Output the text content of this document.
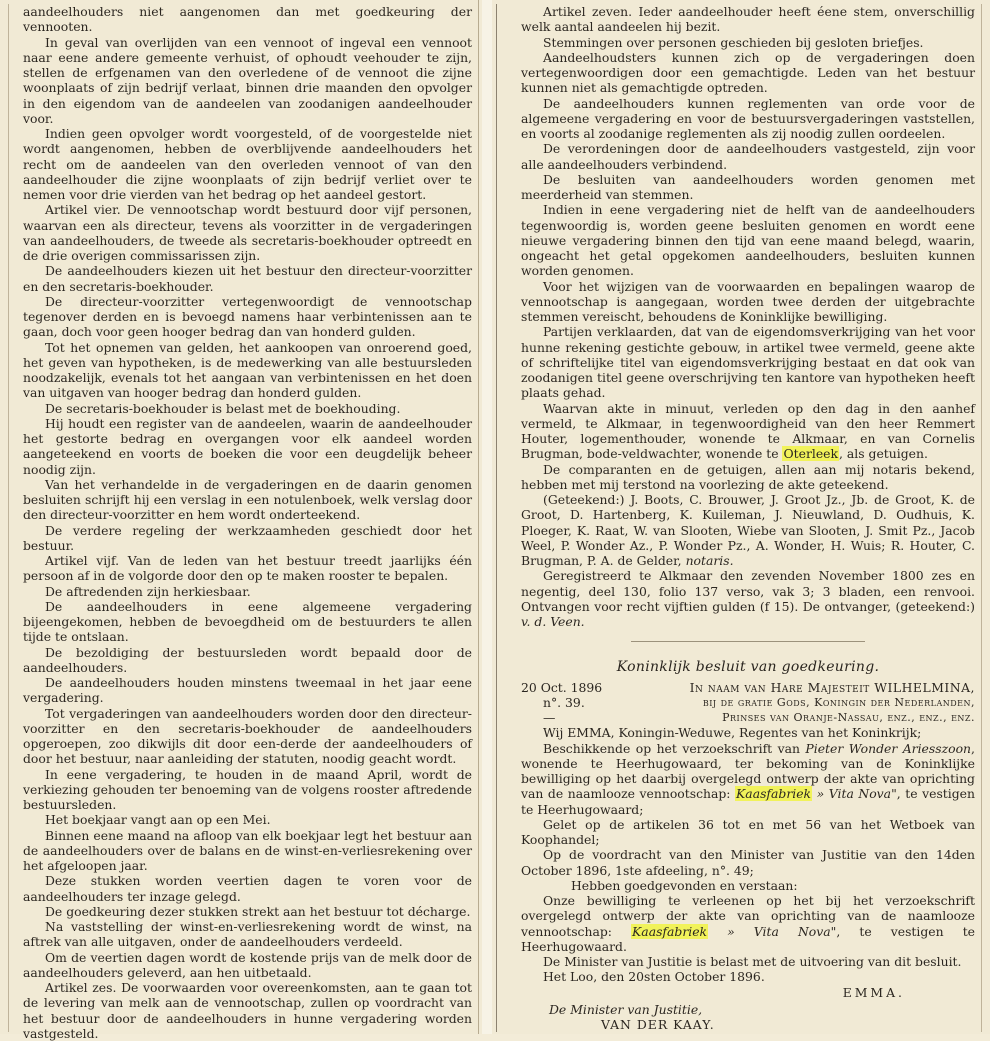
aandeelhouders niet aangenomen dan met goedkeuring der vennooten.

In geval van overlijden van een vennoot of ingeval een vennoot naar eene andere gemeente verhuist, of ophoudt veehouder te zijn, stellen de erfgenamen van den overledene of de vennoot die zijne woonplaats of zijn bedrijf verlaat, binnen drie maanden den opvolger in den eigendom van de aandeelen van zoodanigen aandeelhouder voor.

Indien geen opvolger wordt voorgesteld, of de voorgestelde niet wordt aangenomen, hebben de overblijvende aandeelhouders het recht om de aandeelen van den overleden vennoot of van den aandeelhouder die zijne woonplaats of zijn bedrijf verliet over te nemen voor drie vierden van het bedrag op het aandeel gestort.

Artikel vier. De vennootschap wordt bestuurd door vijf personen, waarvan een als directeur, tevens als voorzitter in de vergaderingen van aandeelhouders, de tweede als secretaris-boekhouder optreedt en de drie overigen commissarissen zijn.

De aandeelhouders kiezen uit het bestuur den directeur-voorzitter en den secretaris-boekhouder.

De directeur-voorzitter vertegenwoordigt de vennootschap tegenover derden en is bevoegd namens haar verbintenissen aan te gaan, doch voor geen hooger bedrag dan van honderd gulden.

Tot het opnemen van gelden, het aankoopen van onroerend goed, het geven van hypotheken, is de medewerking van alle bestuursleden noodzakelijk, evenals tot het aangaan van verbintenissen en het doen van uitgaven van hooger bedrag dan honderd gulden.

De secretaris-boekhouder is belast met de boekhouding.

Hij houdt een register van de aandeelen, waarin de aandeelhouder het gestorte bedrag en overgangen voor elk aandeel worden aangeteekend en voorts de boeken die voor een deugdelijk beheer noodig zijn.

Van het verhandelde in de vergaderingen en de daarin genomen besluiten schrijft hij een verslag in een notulenboek, welk verslag door den directeur-voorzitter en hem wordt onderteekend.

De verdere regeling der werkzaamheden geschiedt door het bestuur.

Artikel vijf. Van de leden van het bestuur treedt jaarlijks één persoon af in de volgorde door den op te maken rooster te bepalen.

De aftredenden zijn herkiesbaar.

De aandeelhouders in eene algemeene vergadering bijeengekomen, hebben de bevoegdheid om de bestuurders te allen tijde te ontslaan.

De bezoldiging der bestuursleden wordt bepaald door de aandeelhouders.

De aandeelhouders houden minstens tweemaal in het jaar eene vergadering.

Tot vergaderingen van aandeelhouders worden door den directeur-voorzitter en den secretaris-boekhouder de aandeelhouders opgeroepen, zoo dikwijls dit door een-derde der aandeelhouders of door het bestuur, naar aanleiding der statuten, noodig geacht wordt.

In eene vergadering, te houden in de maand April, wordt de verkiezing gehouden ter benoeming van de volgens rooster aftredende bestuursleden.

Het boekjaar vangt aan op een Mei.

Binnen eene maand na afloop van elk boekjaar legt het bestuur aan de aandeelhouders over de balans en de winst-en-verliesrekening over het afgeloopen jaar.

Deze stukken worden veertien dagen te voren voor de aandeelhouders ter inzage gelegd.

De goedkeuring dezer stukken strekt aan het bestuur tot décharge.

Na vaststelling der winst-en-verliesrekening wordt de winst, na aftrek van alle uitgaven, onder de aandeelhouders verdeeld.

Om de veertien dagen wordt de kostende prijs van de melk door de aandeelhouders geleverd, aan hen uitbetaald.

Artikel zes. De voorwaarden voor overeenkomsten, aan te gaan tot de levering van melk aan de vennootschap, zullen op voordracht van het bestuur door de aandeelhouders in hunne vergadering worden vastgesteld.

Artikel zeven. Ieder aandeelhouder heeft éene stem, onverschillig welk aantal aandeelen hij bezit.

Stemmingen over personen geschieden bij gesloten briefjes.

Aandeelhoudsters kunnen zich op de vergaderingen doen vertegenwoordigen door een gemachtigde. Leden van het bestuur kunnen niet als gemachtigde optreden.

De aandeelhouders kunnen reglementen van orde voor de algemeene vergadering en voor de bestuursvergaderingen vaststellen, en voorts al zoodanige reglementen als zij noodig zullen oordeelen.

De verordeningen door de aandeelhouders vastgesteld, zijn voor alle aandeelhouders verbindend.

De besluiten van aandeelhouders worden genomen met meerderheid van stemmen.

Indien in eene vergadering niet de helft van de aandeelhouders tegenwoordig is, worden geene besluiten genomen en wordt eene nieuwe vergadering binnen den tijd van eene maand belegd, waarin, ongeacht het getal opgekomen aandeelhouders, besluiten kunnen worden genomen.

Voor het wijzigen van de voorwaarden en bepalingen waarop de vennootschap is aangegaan, worden twee derden der uitgebrachte stemmen vereischt, behoudens de Koninklijke bewilliging.

Partijen verklaarden, dat van de eigendomsverkrijging van het voor hunne rekening gestichte gebouw, in artikel twee vermeld, geene akte of schriftelijke titel van eigendomsverkrijging bestaat en dat ook van zoodanigen titel geene overschrijving ten kantore van hypotheken heeft plaats gehad.

Waarvan akte in minuut, verleden op den dag in den aanhef vermeld, te Alkmaar, in tegenwoordigheid van den heer Remmert Houter, logementhouder, wonende te Alkmaar, en van Cornelis Brugman, bode-veldwachter, wonende te Oterleek, als getuigen.

De comparanten en de getuigen, allen aan mij notaris bekend, hebben met mij terstond na voorlezing de akte geteekend.

(Geteekend:) J. Boots, C. Brouwer, J. Groot Jz., Jb. de Groot, K. de Groot, D. Hartenberg, K. Kuileman, J. Nieuwland, D. Oudhuis, K. Ploeger, K. Raat, W. van Slooten, Wiebe van Slooten, J. Smit Pz., Jacob Weel, P. Wonder Az., P. Wonder Pz., A. Wonder, H. Wuis; R. Houter, C. Brugman, P. A. de Gelder, notaris.

Geregistreerd te Alkmaar den zevenden November 1800 zes en negentig, deel 130, folio 137 verso, vak 3; 3 bladen, een renvooi. Ontvangen voor recht vijftien gulden (f 15). De ontvanger, (geteekend:) v. d. Veen.

Koninklijk besluit van goedkeuring.

20 Oct. 1896	In naam van Hare Majesteit WILHELMINA,
n°. 39.	bij de gratie Gods, Koningin der Nederlanden,
—	Prinses van Oranje-Nassau, enz., enz., enz.

Wij EMMA, Koningin-Weduwe, Regentes van het Koninkrijk;

Beschikkende op het verzoekschrift van Pieter Wonder Ariesszoon, wonende te Heerhugowaard, ter bekoming van de Koninklijke bewilliging op het daarbij overgelegd ontwerp der akte van oprichting van de naamlooze vennootschap: Kaasfabriek » Vita Nova", te vestigen te Heerhugowaard;

Gelet op de artikelen 36 tot en met 56 van het Wetboek van Koophandel;

Op de voordracht van den Minister van Justitie van den 14den October 1896, 1ste afdeeling, n°. 49;

Hebben goedgevonden en verstaan:

Onze bewilliging te verleenen op het bij het verzoekschrift overgelegd ontwerp der akte van oprichting van de naamlooze vennootschap: Kaasfabriek » Vita Nova", te vestigen te Heerhugowaard.

De Minister van Justitie is belast met de uitvoering van dit besluit.

Het Loo, den 20sten October 1896.

EMMA.

De Minister van Justitie,

VAN DER KAAY.
